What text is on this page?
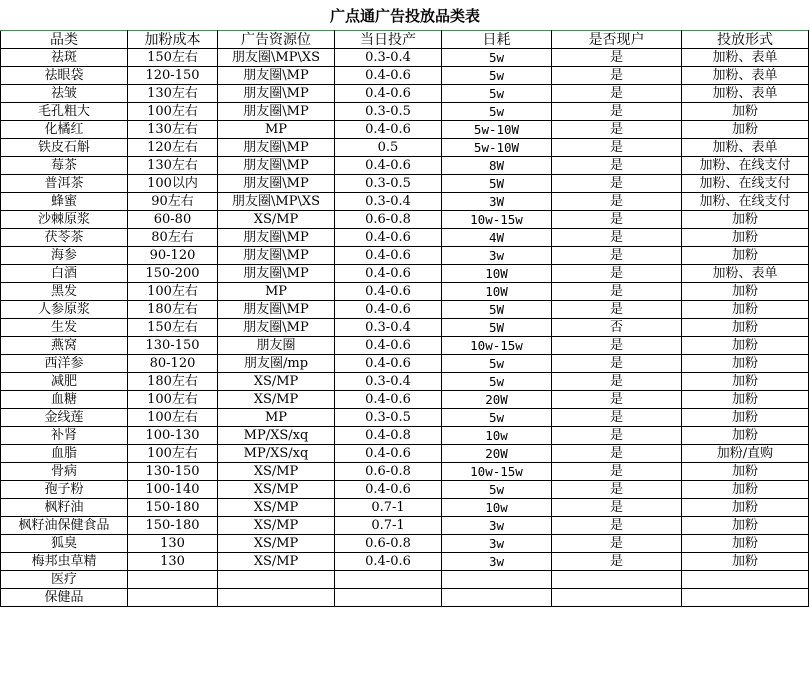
广点通广告投放品类表
品类	加粉成本	广告资源位	当日投产	日耗	是否现户	投放形式
祛斑	150左右	朋友圈\MP\XS	0.3-0.4	5w	是	加粉、表单
祛眼袋	120-150	朋友圈\MP	0.4-0.6	5w	是	加粉、表单
祛皱	130左右	朋友圈\MP	0.4-0.6	5w	是	加粉、表单
毛孔粗大	100左右	朋友圈\MP	0.3-0.5	5w	是	加粉
化橘红	130左右	MP	0.4-0.6	5w-10W	是	加粉
铁皮石斛	120左右	朋友圈\MP	0.5	5w-10W	是	加粉、表单
莓茶	130左右	朋友圈\MP	0.4-0.6	8W	是	加粉、在线支付
普洱茶	100以内	朋友圈\MP	0.3-0.5	5W	是	加粉、在线支付
蜂蜜	90左右	朋友圈\MP\XS	0.3-0.4	3W	是	加粉、在线支付
沙棘原浆	60-80	XS/MP	0.6-0.8	10w-15w	是	加粉
茯苓茶	80左右	朋友圈\MP	0.4-0.6	4W	是	加粉
海参	90-120	朋友圈\MP	0.4-0.6	3w	是	加粉
白酒	150-200	朋友圈\MP	0.4-0.6	10W	是	加粉、表单
黑发	100左右	MP	0.4-0.6	10W	是	加粉
人参原浆	180左右	朋友圈\MP	0.4-0.6	5W	是	加粉
生发	150左右	朋友圈\MP	0.3-0.4	5W	否	加粉
燕窝	130-150	朋友圈	0.4-0.6	10w-15w	是	加粉
西洋参	80-120	朋友圈/mp	0.4-0.6	5w	是	加粉
减肥	180左右	XS/MP	0.3-0.4	5w	是	加粉
血糖	100左右	XS/MP	0.4-0.6	20W	是	加粉
金线莲	100左右	MP	0.3-0.5	5w	是	加粉
补肾	100-130	MP/XS/xq	0.4-0.8	10w	是	加粉
血脂	100左右	MP/XS/xq	0.4-0.6	20W	是	加粉/直购
骨病	130-150	XS/MP	0.6-0.8	10w-15w	是	加粉
孢子粉	100-140	XS/MP	0.4-0.6	5w	是	加粉
枫籽油	150-180	XS/MP	0.7-1	10w	是	加粉
枫籽油保健食品	150-180	XS/MP	0.7-1	3w	是	加粉
狐臭	130	XS/MP	0.6-0.8	3w	是	加粉
梅邦虫草精	130	XS/MP	0.4-0.6	3w	是	加粉
医疗						
保健品						
